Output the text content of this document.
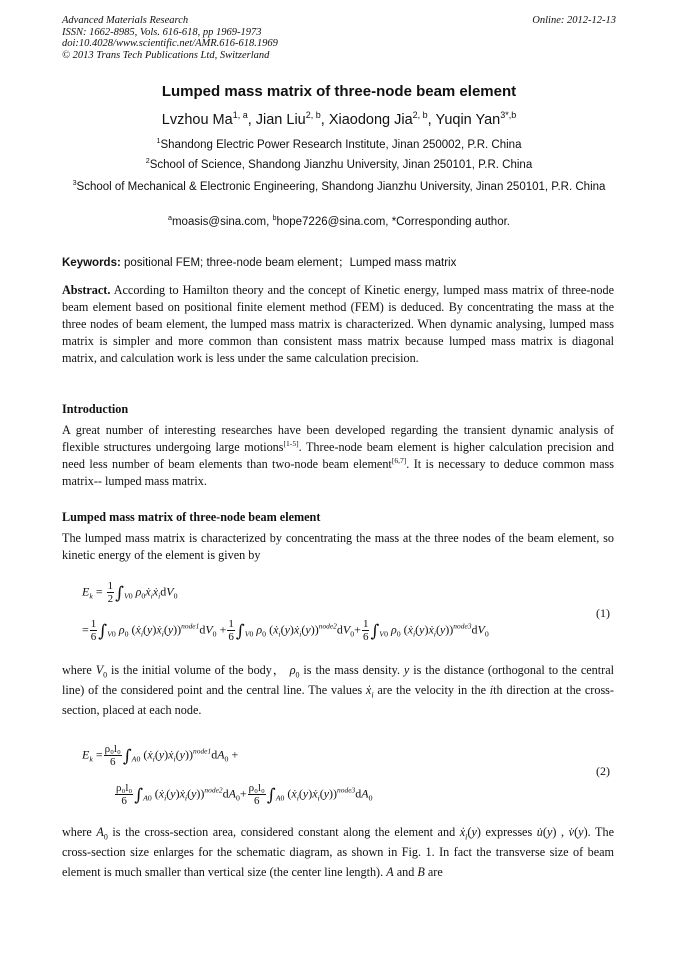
Advanced Materials Research
ISSN: 1662-8985, Vols. 616-618, pp 1969-1973
doi:10.4028/www.scientific.net/AMR.616-618.1969
© 2013 Trans Tech Publications Ltd, Switzerland
Online: 2012-12-13
Lumped mass matrix of three-node beam element
Lvzhou Ma$^{1, a}$, Jian Liu$^{2, b}$, Xiaodong Jia$^{2, b}$, Yuqin Yan$^{3*,b}$
$^1$Shandong Electric Power Research Institute, Jinan 250002, P.R. China
$^2$School of Science, Shandong Jianzhu University, Jinan 250101, P.R. China
$^3$School of Mechanical & Electronic Engineering, Shandong Jianzhu University, Jinan 250101, P.R. China
$^a$moasis@sina.com, $^b$hope7226@sina.com, *Corresponding author.
Keywords: positional FEM; three-node beam element；Lumped mass matrix
Abstract. According to Hamilton theory and the concept of Kinetic energy, lumped mass matrix of three-node beam element based on positional finite element method (FEM) is deduced. By concentrating the mass at the three nodes of beam element, the lumped mass matrix is characterized. When dynamic analysing, lumped mass matrix is simpler and more common than consistent mass matrix because lumped mass matrix is diagonal matrix, and calculation work is less under the same calculation precision.
Introduction
A great number of interesting researches have been developed regarding the transient dynamic analysis of flexible structures undergoing large motions[1-5]. Three-node beam element is higher calculation precision and need less number of beam elements than two-node beam element[6,7]. It is necessary to deduce common mass matrix-- lumped mass matrix.
Lumped mass matrix of three-node beam element
The lumped mass matrix is characterized by concentrating the mass at the three nodes of the beam element, so kinetic energy of the element is given by
$E_k = \frac{1}{2} \int_{V0}$ $\rho_0ẋ_iẋ_idV_0$
= $\frac{1}{6} \int_{V0}$ $\rho_0$ $(ẋ_i(y)ẋ_i(y))^{node1}dV_0 + \frac{1}{6} \int_{V0}$ $\rho_0$ $(ẋ_i(y)ẋ_i(y))^{node2}dV_0+ \frac{1}{6} \int_{V0}$ $\rho_0$ $(ẋ_i(y)ẋ_i(y))^{node3}dV_0$
(1)
where $V_0$ is the initial volume of the body， $\rho_0$ is the mass density. y is the distance (orthogonal to the central line) of the considered point and the central line. The values ẋ$_i$ are the velocity in the ith direction at the cross-section, placed at each node.
$E_k = \frac{\text{ρ₀l₀}}{6} \int_{A0}$ $(ẋ_i(y)ẋ_i(y))^{node1}dA_0$ +
$\frac{\text{ρ₀l₀}}{6} \int_{A0}$ $(ẋ_i(y)ẋ_i(y))^{node2}dA_0+ \frac{\text{ρ₀l₀}}{6} \int_{A0}$ $(ẋ_i(y)ẋ_i(y))^{node3}dA_0$
(2)
where $A_0$ is the cross-section area, considered constant along the element and ẋ$_i$(y) expresses u̇(y) , v̇(y). The cross-section size enlarges for the schematic diagram, as shown in Fig. 1. In fact the transverse size of beam element is much smaller than vertical size (the center line length). A and B are
